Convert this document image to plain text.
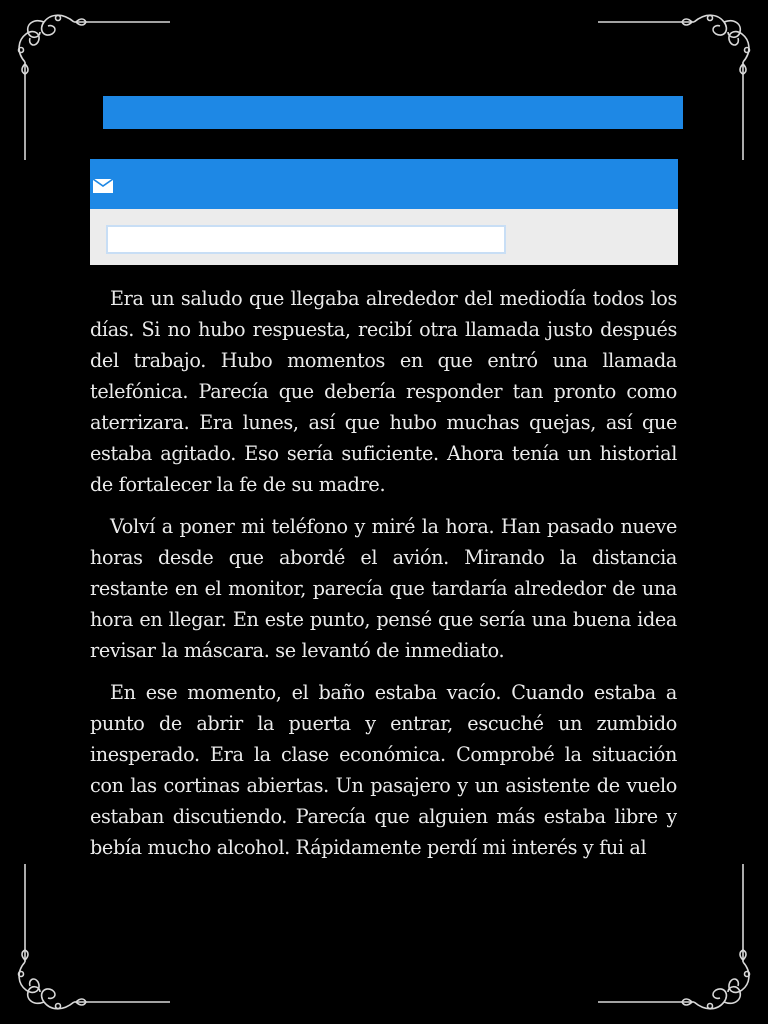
Era un saludo que llegaba alrededor del mediodía todos los días. Si no hubo respuesta, recibí otra llamada justo después del trabajo. Hubo momentos en que entró una llamada telefónica. Parecía que debería responder tan pronto como aterrizara. Era lunes, así que hubo muchas quejas, así que estaba agitado. Eso sería suficiente. Ahora tenía un historial de fortalecer la fe de su madre.

Volví a poner mi teléfono y miré la hora. Han pasado nueve horas desde que abordé el avión. Mirando la distancia restante en el monitor, parecía que tardaría alrededor de una hora en llegar. En este punto, pensé que sería una buena idea revisar la máscara. se levantó de inmediato.

En ese momento, el baño estaba vacío. Cuando estaba a punto de abrir la puerta y entrar, escuché un zumbido inesperado. Era la clase económica. Comprobé la situación con las cortinas abiertas. Un pasajero y un asistente de vuelo estaban discutiendo. Parecía que alguien más estaba libre y bebía mucho alcohol. Rápidamente perdí mi interés y fui al
